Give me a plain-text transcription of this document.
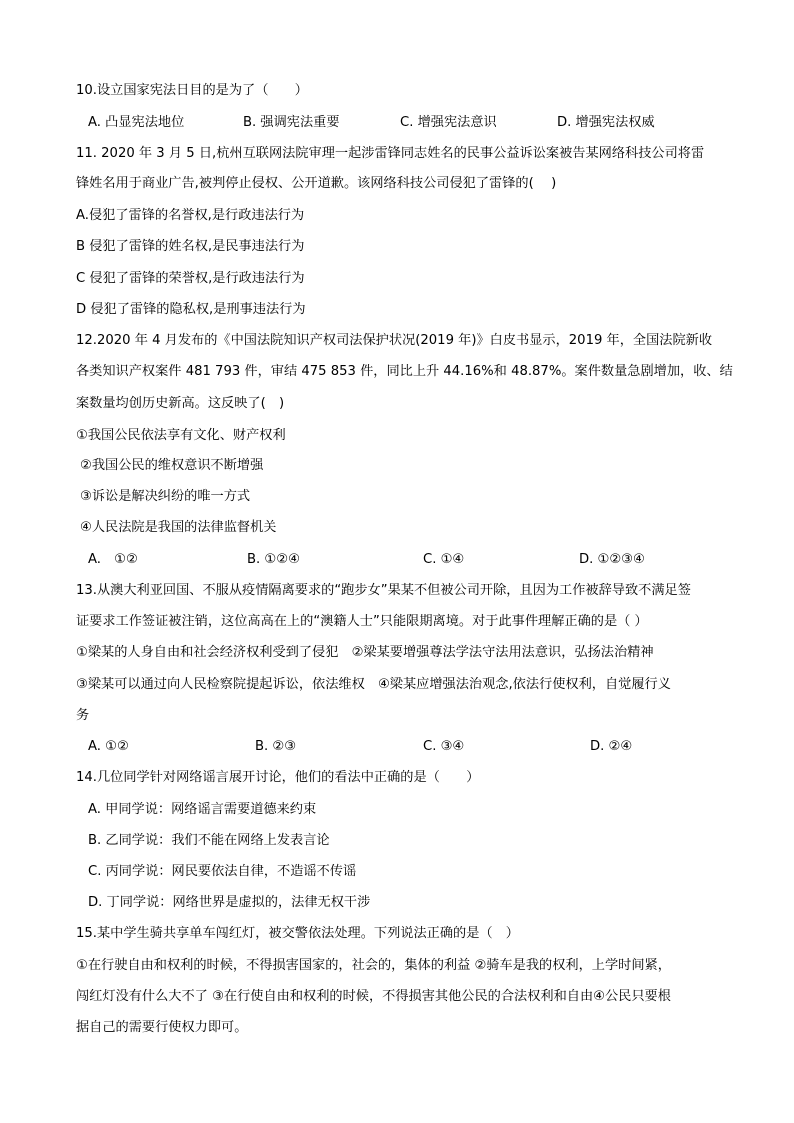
10.设立国家宪法日目的是为了（　　）
A. 凸显宪法地位	B. 强调宪法重要	C. 增强宪法意识	D. 增强宪法权威
11. 2020 年 3 月 5 日,杭州互联网法院审理一起涉雷锋同志姓名的民事公益诉讼案被告某网络科技公司将雷
锋姓名用于商业广告,被判停止侵权、公开道歉。该网络科技公司侵犯了雷锋的(　 )
A.侵犯了雷锋的名誉权,是行政违法行为
B 侵犯了雷锋的姓名权,是民事违法行为
C 侵犯了雷锋的荣誉权,是行政违法行为
D 侵犯了雷锋的隐私权,是刑事违法行为
12.2020 年 4 月发布的《中国法院知识产权司法保护状况(2019 年)》白皮书显示，2019 年，全国法院新收
各类知识产权案件 481 793 件，审结 475 853 件，同比上升 44.16%和 48.87%。案件数量急剧增加，收、结
案数量均创历史新高。这反映了(　)
①我国公民依法享有文化、财产权利
②我国公民的维权意识不断增强
③诉讼是解决纠纷的唯一方式
④人民法院是我国的法律监督机关
A.　①②	B. ①②④	C. ①④	D. ①②③④
13.从澳大利亚回国、不服从疫情隔离要求的“跑步女”果某不但被公司开除，且因为工作被辞导致不满足签
证要求工作签证被注销，这位高高在上的“澳籍人士”只能限期离境。对于此事件理解正确的是（ ）
①梁某的人身自由和社会经济权利受到了侵犯　②梁某要增强尊法学法守法用法意识，弘扬法治精神
③梁某可以通过向人民检察院提起诉讼，依法维权　④梁某应增强法治观念,依法行使权利，自觉履行义
务
A. ①②	B. ②③	C. ③④	D. ②④
14.几位同学针对网络谣言展开讨论，他们的看法中正确的是（　　）
A. 甲同学说：网络谣言需要道德来约束
B. 乙同学说：我们不能在网络上发表言论
C. 丙同学说：网民要依法自律，不造谣不传谣
D. 丁同学说：网络世界是虚拟的，法律无权干涉
15.某中学生骑共享单车闯红灯，被交警依法处理。下列说法正确的是（　）
①在行驶自由和权利的时候，不得损害国家的，社会的，集体的利益 ②骑车是我的权利，上学时间紧，
闯红灯没有什么大不了 ③在行使自由和权利的时候，不得损害其他公民的合法权利和自由④公民只要根
据自己的需要行使权力即可。
